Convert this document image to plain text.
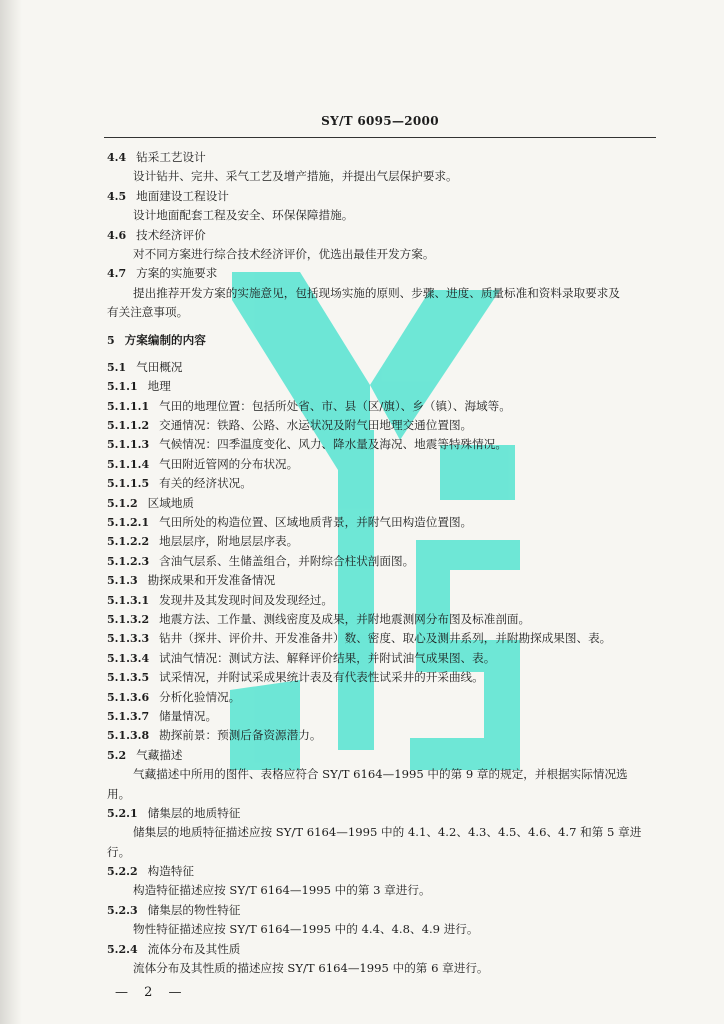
SY/T 6095—2000
4.4 钻采工艺设计
设计钻井、完井、采气工艺及增产措施，并提出气层保护要求。
4.5 地面建设工程设计
设计地面配套工程及安全、环保保障措施。
4.6 技术经济评价
对不同方案进行综合技术经济评价，优选出最佳开发方案。
4.7 方案的实施要求
提出推荐开发方案的实施意见，包括现场实施的原则、步骤、进度、质量标准和资料录取要求及
有关注意事项。
5 方案编制的内容
5.1 气田概况
5.1.1 地理
5.1.1.1 气田的地理位置：包括所处省、市、县（区/旗）、乡（镇）、海域等。
5.1.1.2 交通情况：铁路、公路、水运状况及附气田地理交通位置图。
5.1.1.3 气候情况：四季温度变化、风力、降水量及海况、地震等特殊情况。
5.1.1.4 气田附近管网的分布状况。
5.1.1.5 有关的经济状况。
5.1.2 区域地质
5.1.2.1 气田所处的构造位置、区域地质背景，并附气田构造位置图。
5.1.2.2 地层层序，附地层层序表。
5.1.2.3 含油气层系、生储盖组合，并附综合柱状剖面图。
5.1.3 勘探成果和开发准备情况
5.1.3.1 发现井及其发现时间及发现经过。
5.1.3.2 地震方法、工作量、测线密度及成果，并附地震测网分布图及标准剖面。
5.1.3.3 钻井（探井、评价井、开发准备井）数、密度、取心及测井系列，并附勘探成果图、表。
5.1.3.4 试油气情况：测试方法、解释评价结果，并附试油气成果图、表。
5.1.3.5 试采情况，并附试采成果统计表及有代表性试采井的开采曲线。
5.1.3.6 分析化验情况。
5.1.3.7 储量情况。
5.1.3.8 勘探前景：预测后备资源潜力。
5.2 气藏描述
气藏描述中所用的图件、表格应符合 SY/T 6164—1995 中的第 9 章的规定，并根据实际情况选
用。
5.2.1 储集层的地质特征
储集层的地质特征描述应按 SY/T 6164—1995 中的 4.1、4.2、4.3、4.5、4.6、4.7 和第 5 章进
行。
5.2.2 构造特征
构造特征描述应按 SY/T 6164—1995 中的第 3 章进行。
5.2.3 储集层的物性特征
物性特征描述应按 SY/T 6164—1995 中的 4.4、4.8、4.9 进行。
5.2.4 流体分布及其性质
流体分布及其性质的描述应按 SY/T 6164—1995 中的第 6 章进行。
— 2 —
